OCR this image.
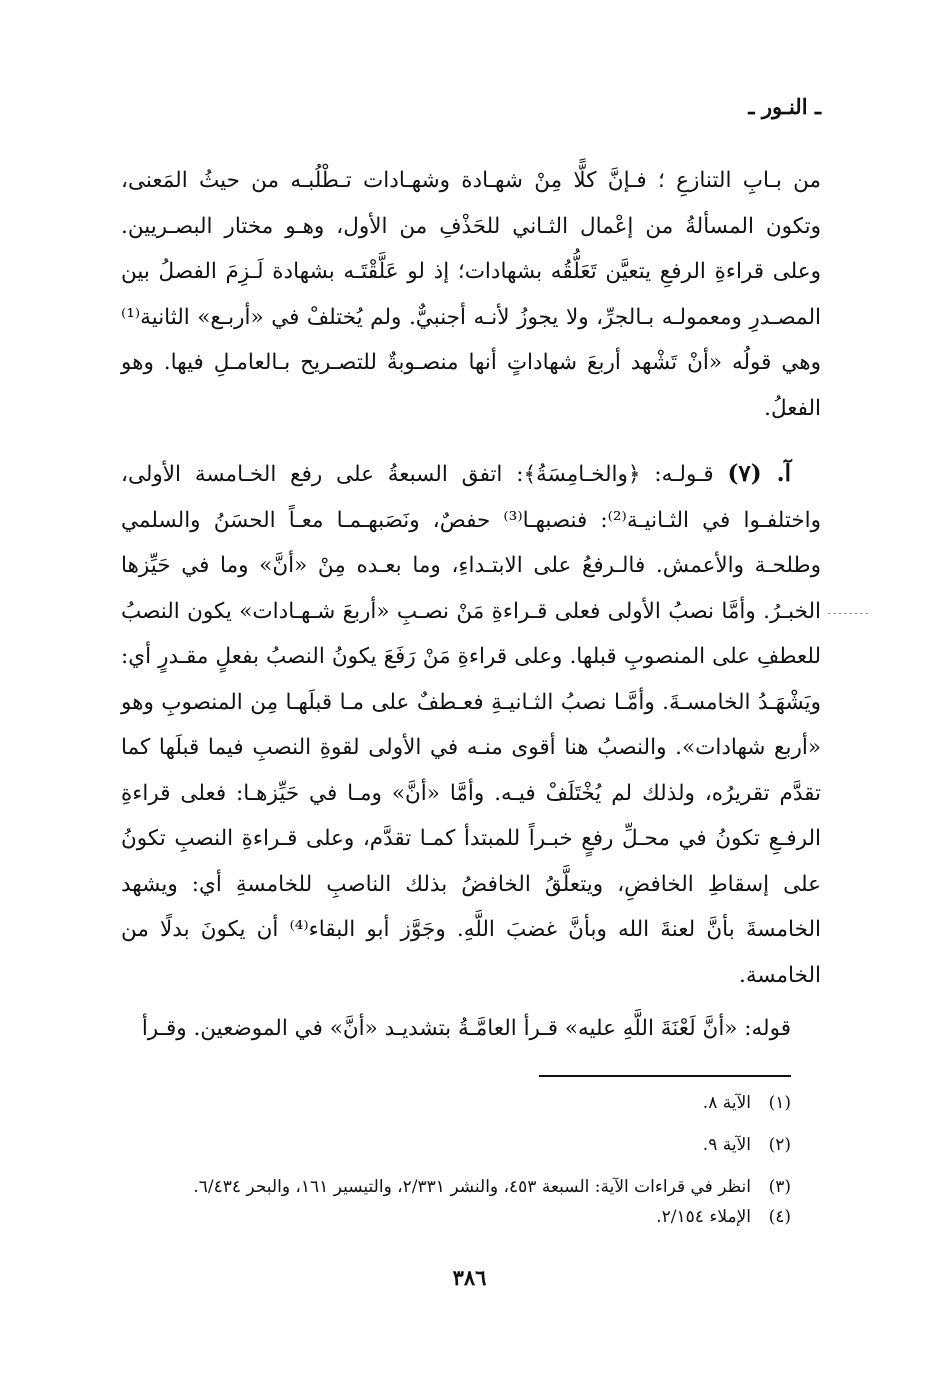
ـ النـور ـ

من بـابِ التنازعِ ؛ فـإنَّ كلًّا مِنْ شهـادة وشهـادات تـطْلُبـه من حيثُ المَعنى، وتكون المسألةُ من إعْمال الثـاني للحَذْفِ من الأول، وهـو مختار البصـريين. وعلى قراءةِ الرفعِ يتعيَّن تَعَلُّقُه بشهادات؛ إذ لو عَلَّقْتَـه بشهادة لَـزِمَ الفصلُ بين المصـدرِ ومعمولـه بـالجرِّ، ولا يجوزُ لأنـه أجنبيٌّ. ولم يُختلفْ في «أربـع» الثانية⁽¹⁾ وهي قولُه «أنْ تَشْهد أربعَ شهاداتٍ أنها منصـوبةٌ للتصـريح بـالعامـلِ فيها. وهو الفعلُ.

آ. (٧) قـولـه: ﴿والخـامِسَةُ﴾: اتفق السبعةُ على رفع الخـامسة الأولى، واختلفـوا في الثـانيـة⁽²⁾: فنصبهـا⁽³⁾ حفصٌ، ونَصَبهـمـا معـاً الحسَنُ والسلمي وطلحـة والأعمش. فالـرفعُ على الابتـداءِ، وما بعـده مِنْ «أنَّ» وما في حَيِّزها الخبـرُ. وأمَّا نصبُ الأولى فعلى قـراءةِ مَنْ نصـبِ «أربعَ شـهـادات» يكون النصبُ للعطفِ على المنصوبِ قبلها. وعلى قراءةِ مَنْ رَفَعَ يكونُ النصبُ بفعلٍ مقـدرٍ أي: ويَشْهَـدُ الخامسـةَ. وأمَّـا نصبُ الثـانيـةِ فعـطفٌ على مـا قبلَهـا مِن المنصوبِ وهو «أربع شهادات». والنصبُ هنا أقوى منـه في الأولى لقوةِ النصبِ فيما قبلَها كما تقدَّم تقريرُه، ولذلك لم يُخْتَلَفْ فيـه. وأمَّا «أنَّ» ومـا في حَيِّزهـا: فعلى قراءةِ الرفـعِ تكونُ في محـلِّ رفعٍ خبـراً للمبتدأ كمـا تقدَّم، وعلى قـراءةِ النصبِ تكونُ على إسقاطِ الخافضِ، ويتعلَّقُ الخافضُ بذلك الناصبِ للخامسةِ أي: ويشهد الخامسةَ بأنَّ لعنةَ الله وبأنَّ غضبَ اللَّهِ. وجَوَّز أبو البقاء⁽⁴⁾ أن يكونَ بدلًا من الخامسة.

قوله: «أنَّ لَعْنَةَ اللَّهِ عليه» قـرأ العامَّـةُ بتشديـد «أنَّ» في الموضعين. وقـرأ

(١)
الآية ٨.
(٢)
الآية ٩.
(٣)
انظر في قراءات الآية: السبعة ٤٥٣، والنشر ٢/٣٣١، والتيسير ١٦١، والبحر ٦/٤٣٤.
(٤)
الإملاء ٢/١٥٤.
٣٨٦
